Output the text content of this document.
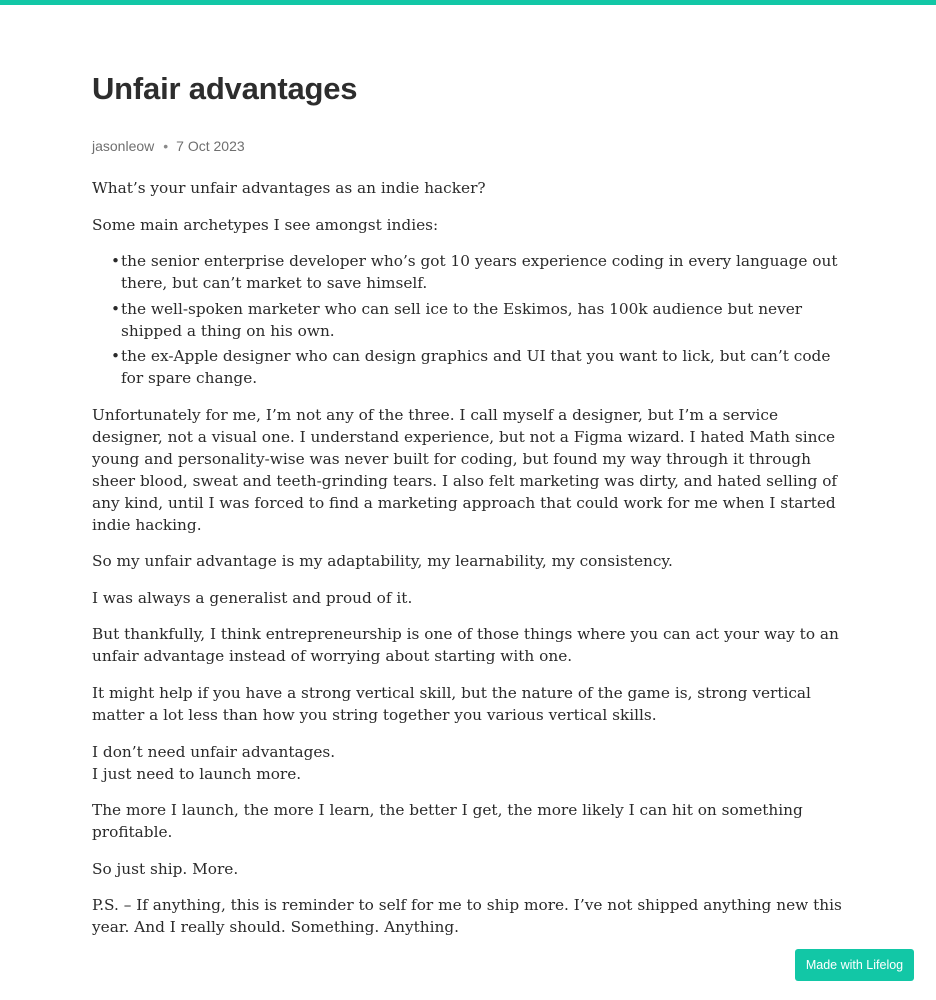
Unfair advantages
jasonleow • 7 Oct 2023

What’s your unfair advantages as an indie hacker?

Some main archetypes I see amongst indies:

• the senior enterprise developer who’s got 10 years experience coding in every language out there, but can’t market to save himself.
• the well-spoken marketer who can sell ice to the Eskimos, has 100k audience but never shipped a thing on his own.
• the ex-Apple designer who can design graphics and UI that you want to lick, but can’t code for spare change.

Unfortunately for me, I’m not any of the three. I call myself a designer, but I’m a service designer, not a visual one. I understand experience, but not a Figma wizard. I hated Math since young and personality-wise was never built for coding, but found my way through it through sheer blood, sweat and teeth-grinding tears. I also felt marketing was dirty, and hated selling of any kind, until I was forced to find a marketing approach that could work for me when I started indie hacking.

So my unfair advantage is my adaptability, my learnability, my consistency.

I was always a generalist and proud of it.

But thankfully, I think entrepreneurship is one of those things where you can act your way to an unfair advantage instead of worrying about starting with one.

It might help if you have a strong vertical skill, but the nature of the game is, strong vertical matter a lot less than how you string together you various vertical skills.

I don’t need unfair advantages.
I just need to launch more.

The more I launch, the more I learn, the better I get, the more likely I can hit on something profitable.

So just ship. More.

P.S. – If anything, this is reminder to self for me to ship more. I’ve not shipped anything new this year. And I really should. Something. Anything.

Made with Lifelog
